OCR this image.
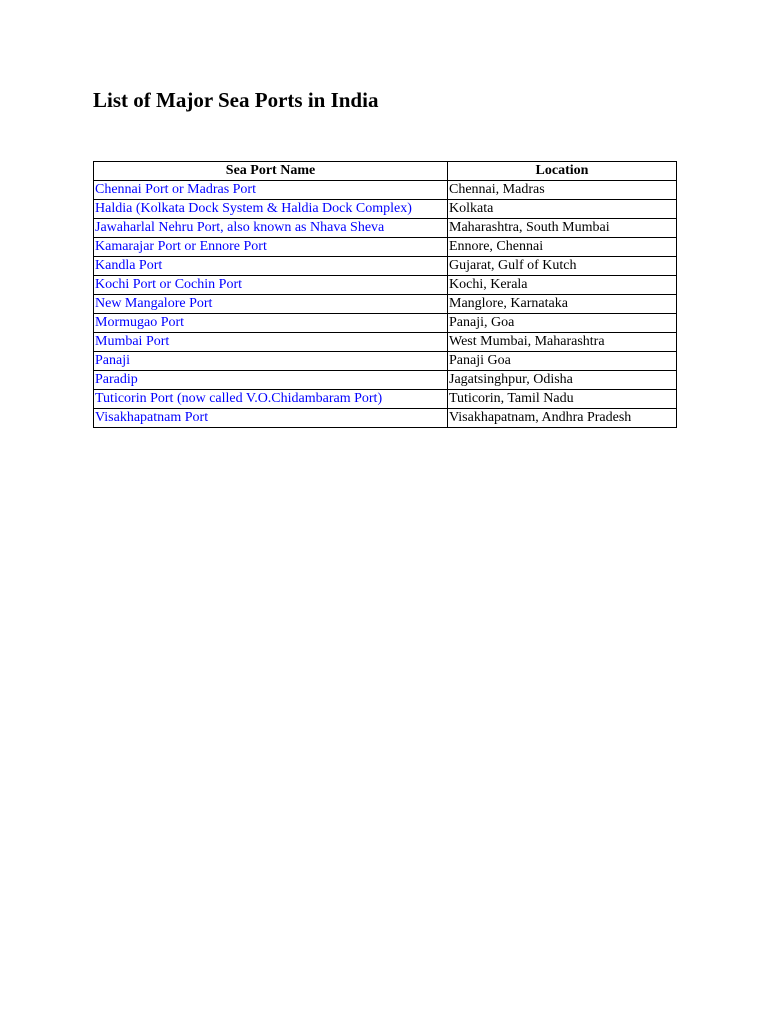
List of Major Sea Ports in India
Sea Port Name	Location
Chennai Port or Madras Port	Chennai, Madras
Haldia (Kolkata Dock System & Haldia Dock Complex)	Kolkata
Jawaharlal Nehru Port, also known as Nhava Sheva	Maharashtra, South Mumbai
Kamarajar Port or Ennore Port	Ennore, Chennai
Kandla Port	Gujarat, Gulf of Kutch
Kochi Port or Cochin Port	Kochi, Kerala
New Mangalore Port	Manglore, Karnataka
Mormugao Port	Panaji, Goa
Mumbai Port	West Mumbai, Maharashtra
Panaji	Panaji Goa
Paradip	Jagatsinghpur, Odisha
Tuticorin Port (now called V.O.Chidambaram Port)	Tuticorin, Tamil Nadu
Visakhapatnam Port	Visakhapatnam, Andhra Pradesh
